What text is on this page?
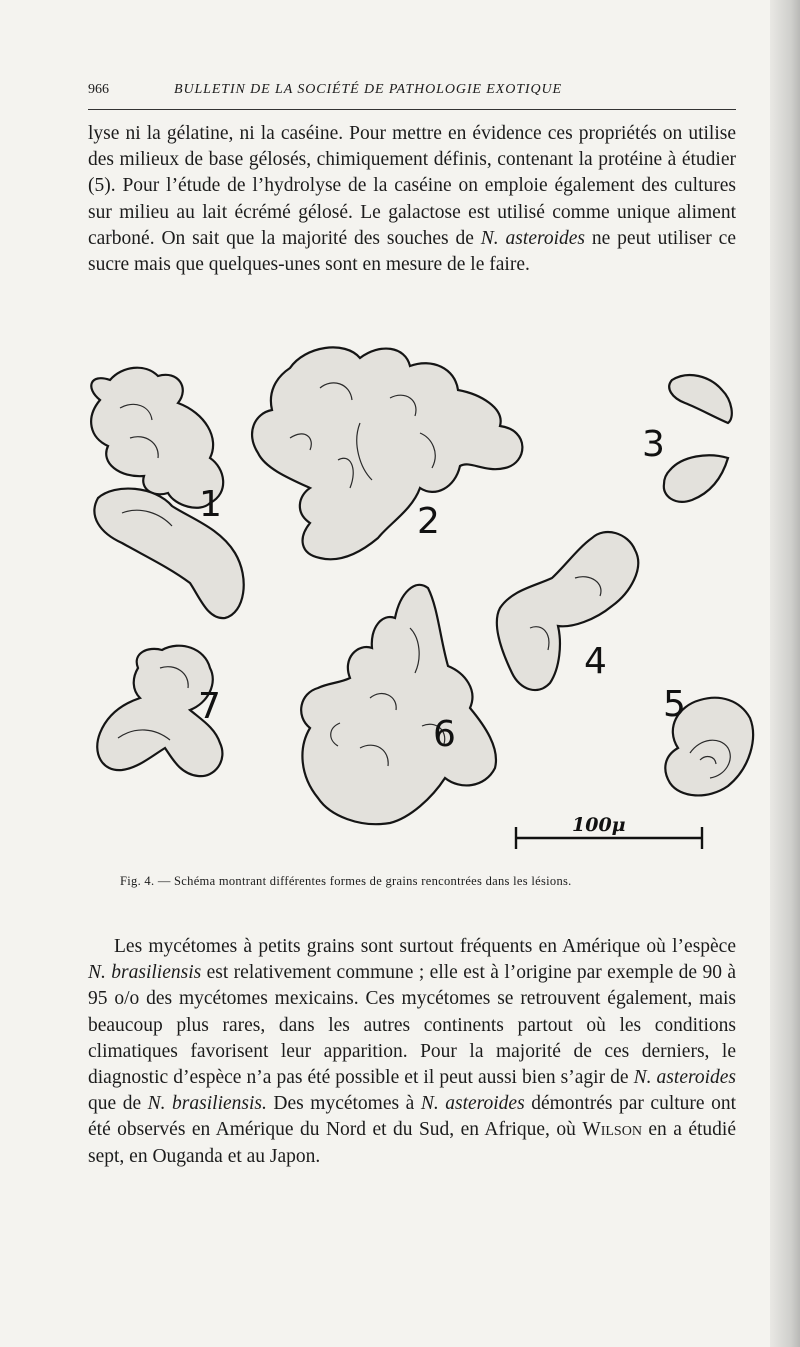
966	BULLETIN DE LA SOCIÉTÉ DE PATHOLOGIE EXOTIQUE

lyse ni la gélatine, ni la caséine. Pour mettre en évidence ces propriétés on utilise des milieux de base gélosés, chimiquement définis, contenant la protéine à étudier (5). Pour l’étude de l’hydrolyse de la caséine on emploie également des cultures sur milieu au lait écrémé gélosé. Le galactose est utilisé comme unique aliment carboné. On sait que la majorité des souches de N. asteroides ne peut utiliser ce sucre mais que quelques-unes sont en mesure de le faire.

1	2
3
4
5
6
7
100μ
Fig. 4. — Schéma montrant différentes formes de grains rencontrées dans les lésions.

Les mycétomes à petits grains sont surtout fréquents en Amérique où l’espèce N. brasiliensis est relativement commune ; elle est à l’origine par exemple de 90 à 95 o/o des mycétomes mexicains. Ces mycétomes se retrouvent également, mais beaucoup plus rares, dans les autres continents partout où les conditions climatiques favorisent leur apparition. Pour la majorité de ces derniers, le diagnostic d’espèce n’a pas été possible et il peut aussi bien s’agir de N. asteroides que de N. brasiliensis. Des mycétomes à N. asteroides démontrés par culture ont été observés en Amérique du Nord et du Sud, en Afrique, où Wilson en a étudié sept, en Ouganda et au Japon.
